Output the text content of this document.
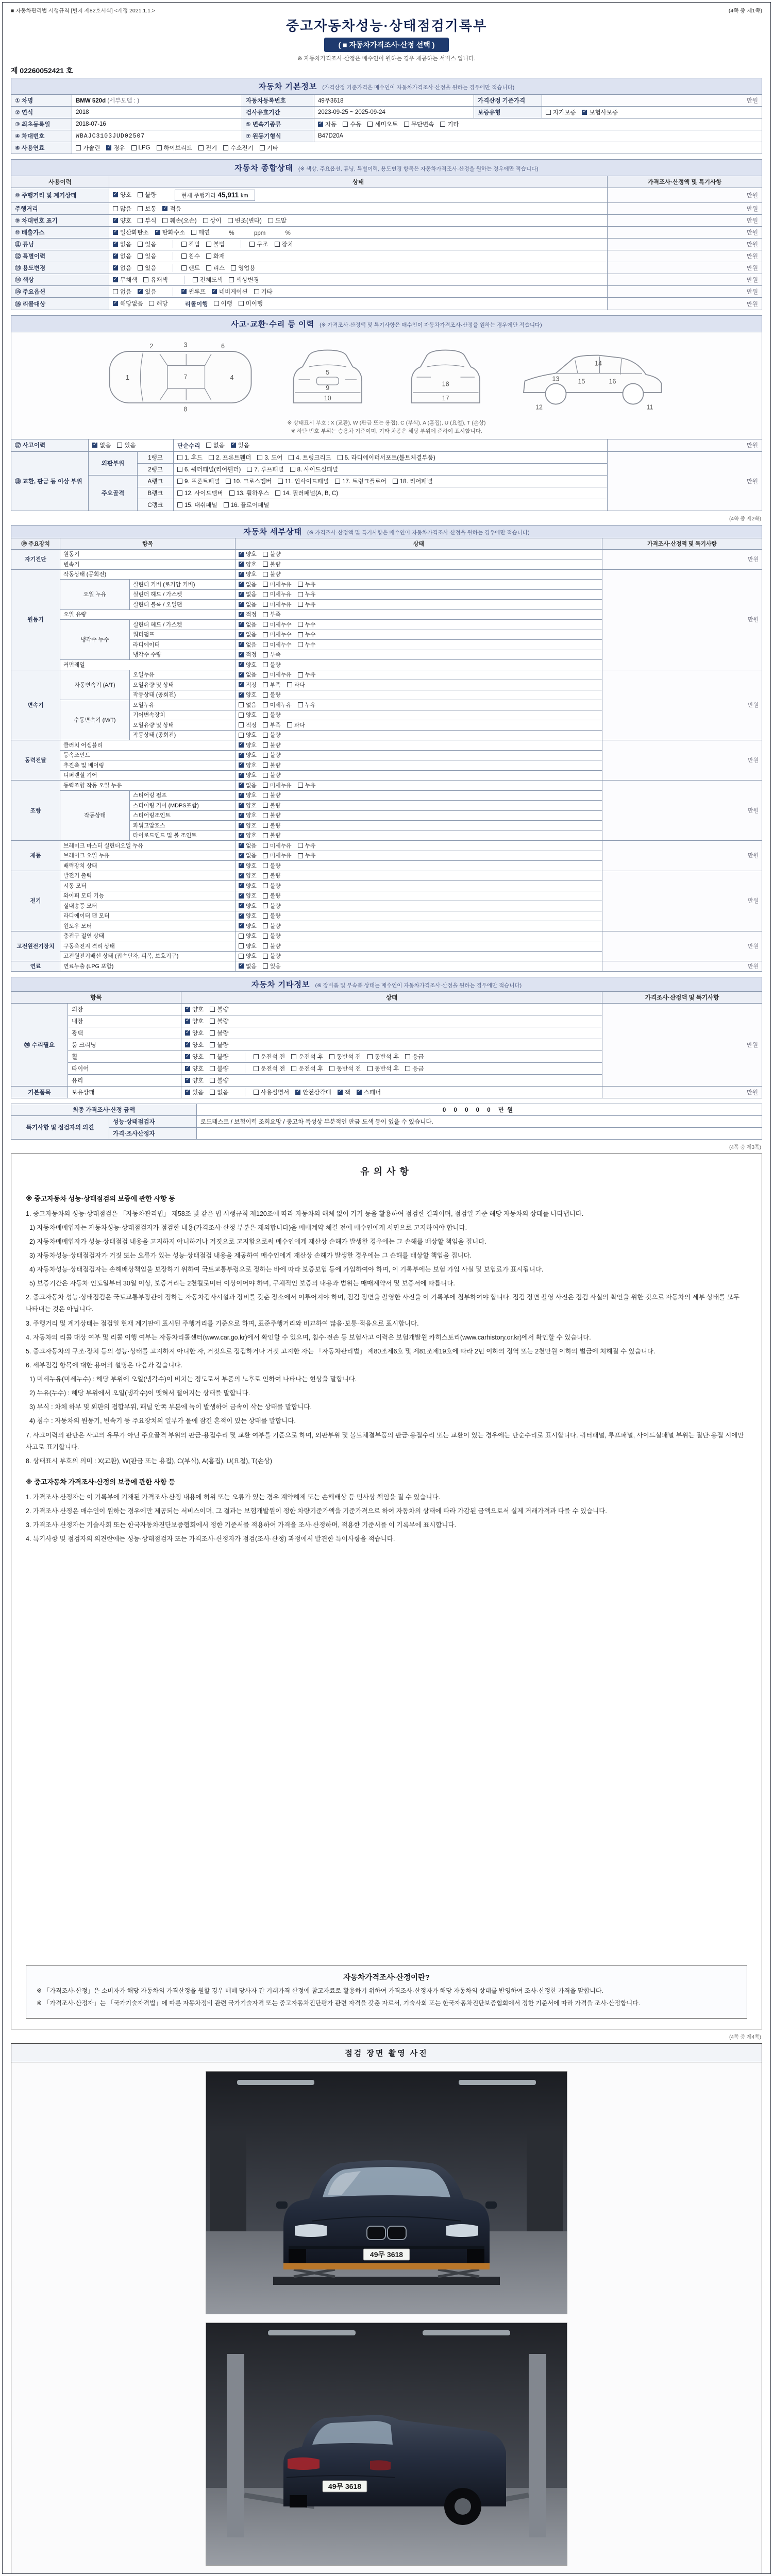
■ 자동차관리법 시행규칙 [별지 제82호서식] <개정 2021.1.1.>	(4쪽 중 제1쪽)
중고자동차성능·상태점검기록부
( ■ 자동차가격조사·산정 선택 )
※ 자동차가격조사·산정은 매수인이 원하는 경우 제공하는 서비스 입니다.
제 02260052421 호
자동차 기본정보 (가격산정 기준가격은 매수인이 자동차가격조사·산정을 원하는 경우에만 적습니다)					
① 차명	BMW 520d (세부모델 : )	자동차등록번호	49무3618	가격산정 기준가격	만원
② 연식	2018	검사유효기간	2023-09-25 ~ 2025-09-24	보증유형	자가보증 ✓ 보험사보증

③ 최초등록일	2018-07-16	⑤ 변속기종류	
✓자동 수동 세미오토 무단변속 기타

④ 차대번호	WBAJC3103JUD02507	⑦ 원동기형식	B47D20A		
⑥ 사용연료	가솔린 ✓ 경유 LPG 하이브리드 전기 수소전기 기타
자동차 종합상태 (※ 색상, 주요옵션, 튜닝, 특별이력, 용도변경 항목은 자동차가격조사·산정을 원하는 경우에만 적습니다)		
사용이력	상태	가격조사·산정액 및 특기사항
⑧ 주행거리 및 계기상태	
✓양호 불량 현재 주행거리 45,911 km	만원
주행거리	많음 보통 ✓ 적음	만원
⑨ 차대번호 표기	
✓양호 부식 훼손(오손) 상이 변조(변타) 도말	만원
⑩ 배출가스	
✓일산화탄소 ✓ 탄화수소 매연 %            ppm            %	만원
⑪ 튜닝	
✓없음 있음
	적법 불법
	구조 장치	만원
⑫ 특별이력	
✓없음 있음
침수 화재	만원
⑬ 용도변경	
✓없음 있음
렌트 리스 영업용	만원
⑭ 색상	
✓무채색 유채색
전체도색 색상변경	만원
⑮ 주요옵션	없음 ✓ 있음
✓ 썬루프 ✓ 네비게이션 기타	만원
⑯ 리콜대상	
✓해당없음 해당 리콜이행 이행 미이행	만원
사고·교환·수리 등 이력 (※ 가격조사·산정액 및 특기사항은 매수인이 자동차가격조사·산정을 원하는 경우에만 적습니다)				

1
2	3
4
6
7
8
5
9
10
18
17
12
13
14
15	16
11
※ 상태표시 부호 : X (교환), W (판금 또는 용접), C (부식), A (흠집), U (요철), T (손상)
※ 하단 번호 부위는 승용차 기준이며, 기타 차종은 해당 부위에 준하여 표시합니다.

⑰ 사고이력	
✓없음 있음		단순수리 없음 ✓ 있음	만원
⑱ 교환, 판금 등 이상 부위	외판부위	1랭크	1. 후드 2. 프론트휀더 3. 도어 4. 트렁크리드 5. 라디에이터서포트(볼트체결부품)	만원
		2랭크	6. 쿼터패널(리어휀더) 7. 루프패널 8. 사이드실패널	

	주요골격	A랭크	9. 프론트패널 10. 크로스멤버 11. 인사이드패널 17. 트렁크플로어 18. 리어패널	

		B랭크	12. 사이드멤버 13. 휠하우스 14. 필러패널(A, B, C)	

		C랭크	15. 대쉬패널 16. 플로어패널	
(4쪽 중 제2쪽)
자동차 세부상태 (※ 가격조사·산정액 및 특기사항은 매수인이 자동차가격조사·산정을 원하는 경우에만 적습니다)				
⑲ 주요장치	항목		상태	가격조사·산정액 및 특기사항
자기진단	원동기	
✓양호 불량	만원
	변속기	
✓양호 불량

원동기	작동상태 (공회전)	
✓양호 불량	만원
	오일 누유	실린더 커버 (로커암 커버)	
✓없음 미세누유 누유

		실린더 헤드 / 가스켓	
✓없음 미세누유 누유

		실린더 블록 / 오일팬	
✓없음 미세누유 누유

	오일 유량	
✓적정 부족

	냉각수 누수	실린더 헤드 / 가스켓	
✓없음 미세누수 누수

		워터펌프	
✓없음 미세누수 누수

		라디에이터	
✓없음 미세누수 누수

		냉각수 수량	
✓적정 부족

	커먼레일	
✓양호 불량

변속기	자동변속기 (A/T)	오일누유	
✓없음 미세누유 누유	만원
		오일유량 및 상태	
✓적정 부족 과다

		작동상태 (공회전)	
✓양호 불량

	수동변속기 (M/T)	오일누유	없음 미세누유 누유	

		기어변속장치	양호 불량	

		오일유량 및 상태	적정 부족 과다	

		작동상태 (공회전)	양호 불량	

동력전달	클러치 어셈블리	
✓양호 불량	만원
	등속조인트	
✓양호 불량

	추진축 및 베어링	
✓양호 불량

	디퍼렌셜 기어	
✓양호 불량

조향	동력조향 작동 오일 누유	
✓없음 미세누유 누유	만원
	작동상태	스티어링 펌프	
✓양호 불량

		스티어링 기어 (MDPS포함)	
✓양호 불량

		스티어링조인트	
✓양호 불량

		파워고압호스	
✓양호 불량

		타이로드엔드 및 볼 조인트	
✓양호 불량

제동	브레이크 마스터 실린더오일 누유	
✓없음 미세누유 누유	만원
	브레이크 오일 누유	
✓없음 미세누유 누유

	배력장치 상태	
✓양호 불량

전기	발전기 출력	
✓양호 불량	만원
	시동 모터	
✓양호 불량

	와이퍼 모터 기능	
✓양호 불량

	실내송풍 모터	
✓양호 불량

	라디에이터 팬 모터	
✓양호 불량

	윈도우 모터	
✓양호 불량

고전원전기장치	충전구 절연 상태		양호 불량	만원
	구동축전지 격리 상태		양호 불량	

	고전원전기배선 상태 (접속단자, 피복, 보호기구)		양호 불량	

연료	연료누출 (LPG 포함)	
✓없음 있음	만원
자동차 기타정보 (※ 장비품 및 부속품 상태는 매수인이 자동차가격조사·산정을 원하는 경우에만 적습니다)			
항목		상태	가격조사·산정액 및 특기사항
⑳ 수리필요	외장	
✓양호 불량	만원
	내장	
✓양호 불량

	광택	
✓양호 불량

	룸 크리닝	
✓양호 불량

휠	
✓양호 불량
	운전석 전 운전석 후 동반석 전 동반석 후 응급

타이어	
✓양호 불량
	운전석 전 운전석 후 동반석 전 동반석 후 응급

	유리	
✓양호 불량

기본품목	보유상태	
✓있음 없음
	사용설명서 ✓ 안전삼각대 ✓ 잭 ✓ 스패너	만원
최종 가격조사·산정 금액		0 0 0 0 0 만원
특기사항 및 점검자의 의견	성능·상태점검자	로드테스트 / 보험이력 조회요망 / 중고차 특성상 부분적인 판금·도색 등이 있을 수 있습니다.
	가격·조사산정자	
(4쪽 중 제3쪽)
유의사항
※ 중고자동차 성능·상태점검의 보증에 관한 사항 등

1. 중고자동차의 성능·상태점검은 「자동차관리법」 제58조 및 같은 법 시행규칙 제120조에 따라 자동차의 해체 없이 기기 등을 활용하여 점검한 결과이며, 점검일 기준 해당 자동차의 상태를 나타냅니다.

1) 자동차매매업자는 자동차성능·상태점검자가 점검한 내용(가격조사·산정 부분은 제외합니다)을 매매계약 체결 전에 매수인에게 서면으로 고지하여야 합니다.

2) 자동차매매업자가 성능·상태점검 내용을 고지하지 아니하거나 거짓으로 고지함으로써 매수인에게 재산상 손해가 발생한 경우에는 그 손해를 배상할 책임을 집니다.

3) 자동차성능·상태점검자가 거짓 또는 오류가 있는 성능·상태점검 내용을 제공하여 매수인에게 재산상 손해가 발생한 경우에는 그 손해를 배상할 책임을 집니다.

4) 자동차성능·상태점검자는 손해배상책임을 보장하기 위하여 국토교통부령으로 정하는 바에 따라 보증보험 등에 가입하여야 하며, 이 기록부에는 보험 가입 사실 및 보험료가 표시됩니다.

5) 보증기간은 자동차 인도일부터 30일 이상, 보증거리는 2천킬로미터 이상이어야 하며, 구체적인 보증의 내용과 범위는 매매계약서 및 보증서에 따릅니다.

2. 중고자동차 성능·상태점검은 국토교통부장관이 정하는 자동차검사시설과 장비를 갖춘 장소에서 이루어져야 하며, 점검 장면을 촬영한 사진을 이 기록부에 첨부하여야 합니다. 점검 장면 촬영 사진은 점검 사실의 확인을 위한 것으로 자동차의 세부 상태를 모두 나타내는 것은 아닙니다.

3. 주행거리 및 계기상태는 점검일 현재 계기판에 표시된 주행거리를 기준으로 하며, 표준주행거리와 비교하여 많음·보통·적음으로 표시합니다.

4. 자동차의 리콜 대상 여부 및 리콜 이행 여부는 자동차리콜센터(www.car.go.kr)에서 확인할 수 있으며, 침수·전손 등 보험사고 이력은 보험개발원 카히스토리(www.carhistory.or.kr)에서 확인할 수 있습니다.

5. 중고자동차의 구조·장치 등의 성능·상태를 고지하지 아니한 자, 거짓으로 점검하거나 거짓 고지한 자는 「자동차관리법」 제80조제6호 및 제81조제19호에 따라 2년 이하의 징역 또는 2천만원 이하의 벌금에 처해질 수 있습니다.

6. 세부점검 항목에 대한 용어의 설명은 다음과 같습니다.

1) 미세누유(미세누수) : 해당 부위에 오일(냉각수)이 비치는 정도로서 부품의 노후로 인하여 나타나는 현상을 말합니다.

2) 누유(누수) : 해당 부위에서 오일(냉각수)이 맺혀서 떨어지는 상태를 말합니다.

3) 부식 : 차체 하부 및 외판의 접합부위, 패널 안쪽 부분에 녹이 발생하여 금속이 삭는 상태를 말합니다.

4) 침수 : 자동차의 원동기, 변속기 등 주요장치의 일부가 물에 잠긴 흔적이 있는 상태를 말합니다.

7. 사고이력의 판단은 사고의 유무가 아닌 주요골격 부위의 판금·용접수리 및 교환 여부를 기준으로 하며, 외판부위 및 볼트체결부품의 판금·용접수리 또는 교환이 있는 경우에는 단순수리로 표시합니다. 쿼터패널, 루프패널, 사이드실패널 부위는 절단·용접 시에만 사고로 표기합니다.

8. 상태표시 부호의 의미 : X(교환), W(판금 또는 용접), C(부식), A(흠집), U(요철), T(손상)

※ 중고자동차 가격조사·산정의 보증에 관한 사항 등

1. 가격조사·산정자는 이 기록부에 기재된 가격조사·산정 내용에 허위 또는 오류가 있는 경우 계약해제 또는 손해배상 등 민사상 책임을 질 수 있습니다.

2. 가격조사·산정은 매수인이 원하는 경우에만 제공되는 서비스이며, 그 결과는 보험개발원이 정한 차량기준가액을 기준가격으로 하여 자동차의 상태에 따라 가감된 금액으로서 실제 거래가격과 다를 수 있습니다.

3. 가격조사·산정자는 기술사회 또는 한국자동차진단보증협회에서 정한 기준서를 적용하여 가격을 조사·산정하며, 적용한 기준서를 이 기록부에 표시합니다.

4. 특기사항 및 점검자의 의견란에는 성능·상태점검자 또는 가격조사·산정자가 점검(조사·산정) 과정에서 발견한 특이사항을 적습니다.

자동차가격조사·산정이란?

※ 「가격조사·산정」은 소비자가 해당 자동차의 가격산정을 원할 경우 매매 당사자 간 거래가격 산정에 참고자료로 활용하기 위하여 가격조사·산정자가 해당 자동차의 상태를 반영하여 조사·산정한 가격을 말합니다.

※ 「가격조사·산정자」는 「국가기술자격법」에 따른 자동차정비 관련 국가기술자격 또는 중고자동차진단평가 관련 자격을 갖춘 자로서, 기술사회 또는 한국자동차진단보증협회에서 정한 기준서에 따라 가격을 조사·산정합니다.

(4쪽 중 제4쪽)
점검 장면 촬영 사진
49무 3618
49무 3618
